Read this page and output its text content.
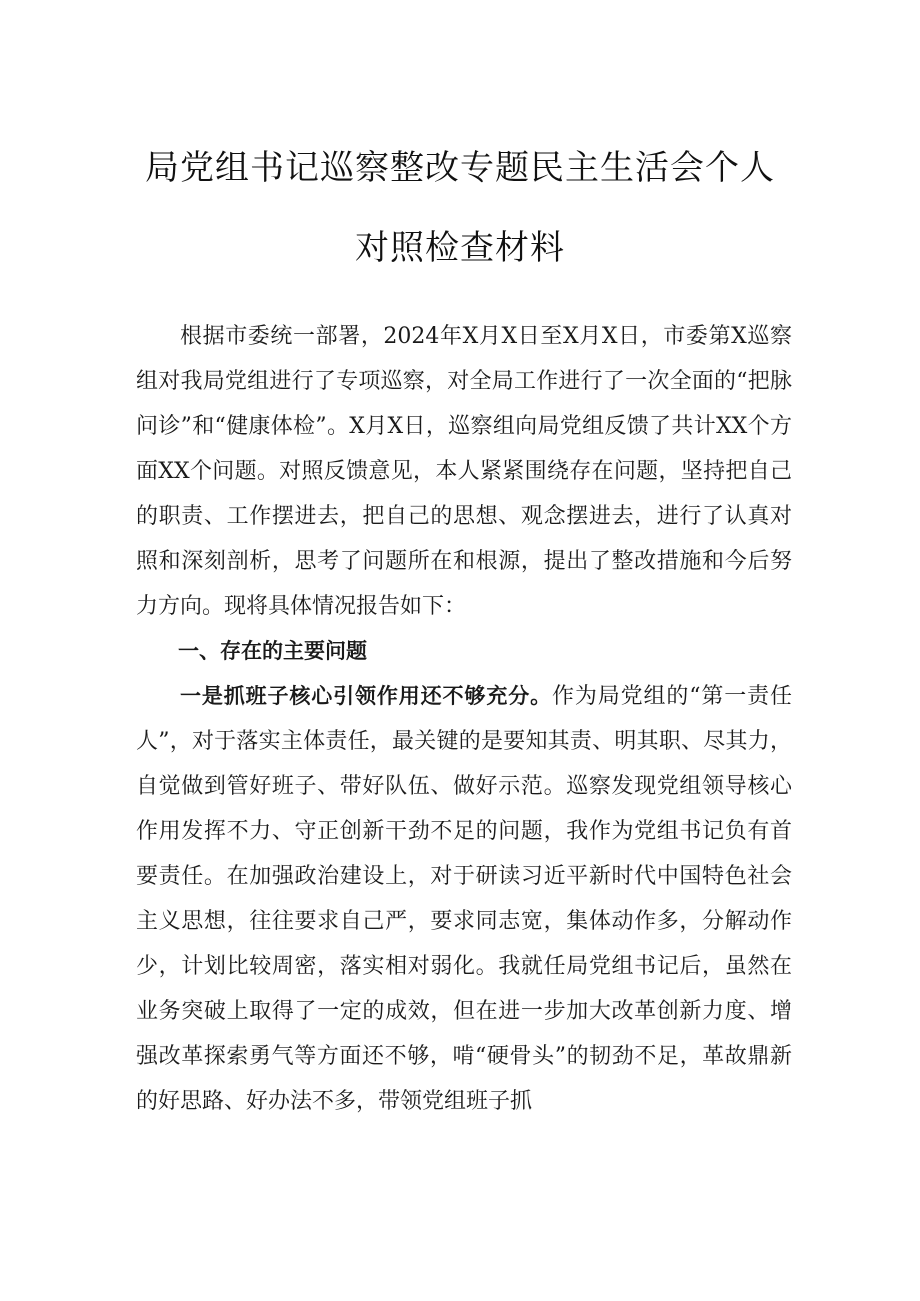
局党组书记巡察整改专题民主生活会个人
对照检查材料

根据市委统一部署，2024年X月X日至X月X日，市委第X巡察组对我局党组进行了专项巡察，对全局工作进行了一次全面的“把脉问诊”和“健康体检”。X月X日，巡察组向局党组反馈了共计XX个方面XX个问题。对照反馈意见，本人紧紧围绕存在问题，坚持把自己的职责、工作摆进去，把自己的思想、观念摆进去，进行了认真对照和深刻剖析，思考了问题所在和根源，提出了整改措施和今后努力方向。现将具体情况报告如下：

一、存在的主要问题

一是抓班子核心引领作用还不够充分。作为局党组的“第一责任人”，对于落实主体责任，最关键的是要知其责、明其职、尽其力，自觉做到管好班子、带好队伍、做好示范。巡察发现党组领导核心作用发挥不力、守正创新干劲不足的问题，我作为党组书记负有首要责任。在加强政治建设上，对于研读习近平新时代中国特色社会主义思想，往往要求自己严，要求同志宽，集体动作多，分解动作少，计划比较周密，落实相对弱化。我就任局党组书记后，虽然在业务突破上取得了一定的成效，但在进一步加大改革创新力度、增强改革探索勇气等方面还不够，啃“硬骨头”的韧劲不足，革故鼎新的好思路、好办法不多，带领党组班子抓
